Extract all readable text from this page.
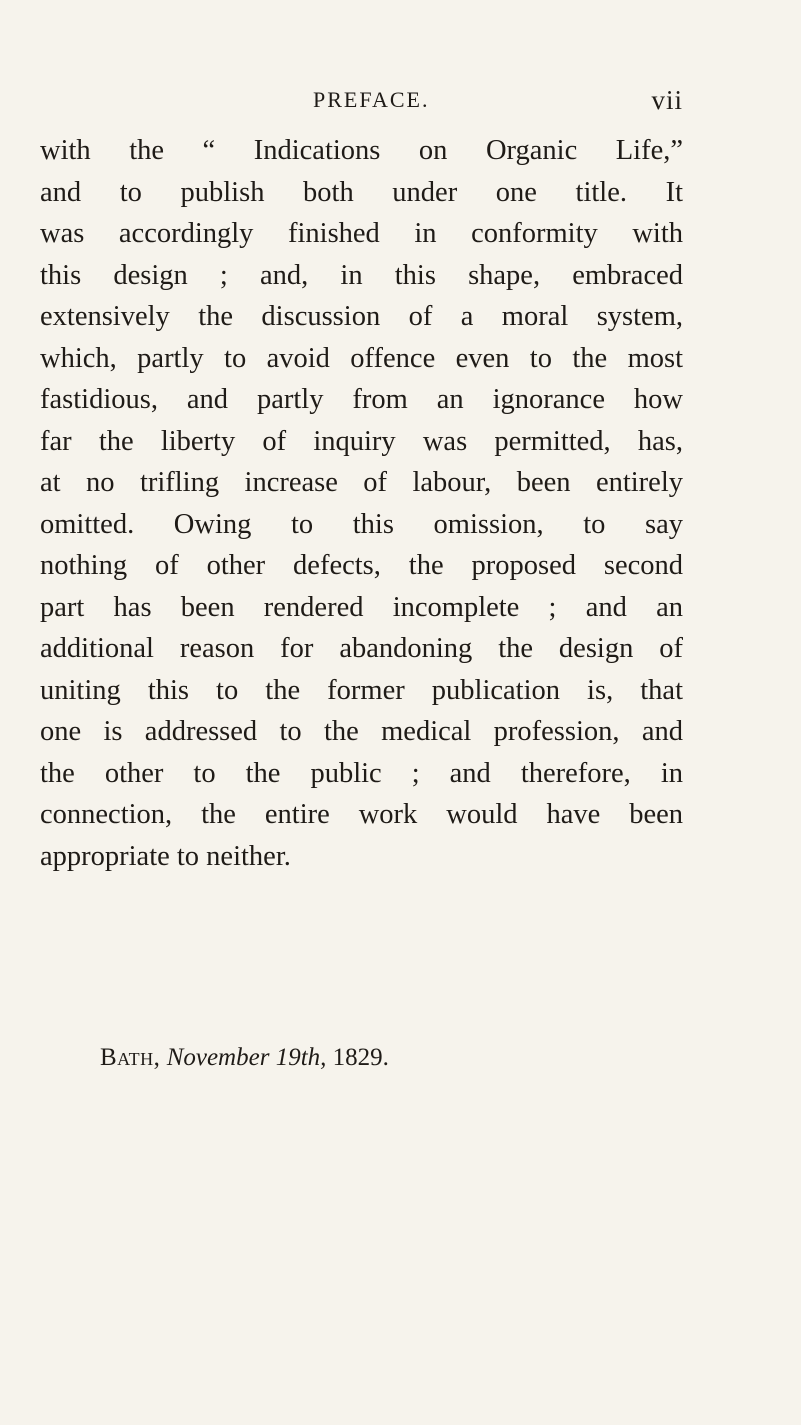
PREFACE.	vii
with the “ Indications on Organic Life,”
and to publish both under one title. It
was accordingly finished in conformity with
this design ; and, in this shape, embraced
extensively the discussion of a moral system,
which, partly to avoid offence even to the most
fastidious, and partly from an ignorance how
far the liberty of inquiry was permitted, has,
at no trifling increase of labour, been entirely
omitted. Owing to this omission, to say
nothing of other defects, the proposed second
part has been rendered incomplete ; and an
additional reason for abandoning the design of
uniting this to the former publication is, that
one is addressed to the medical profession, and
the other to the public ; and therefore, in
connection, the entire work would have been
appropriate to neither.
Bath, November 19th, 1829.
